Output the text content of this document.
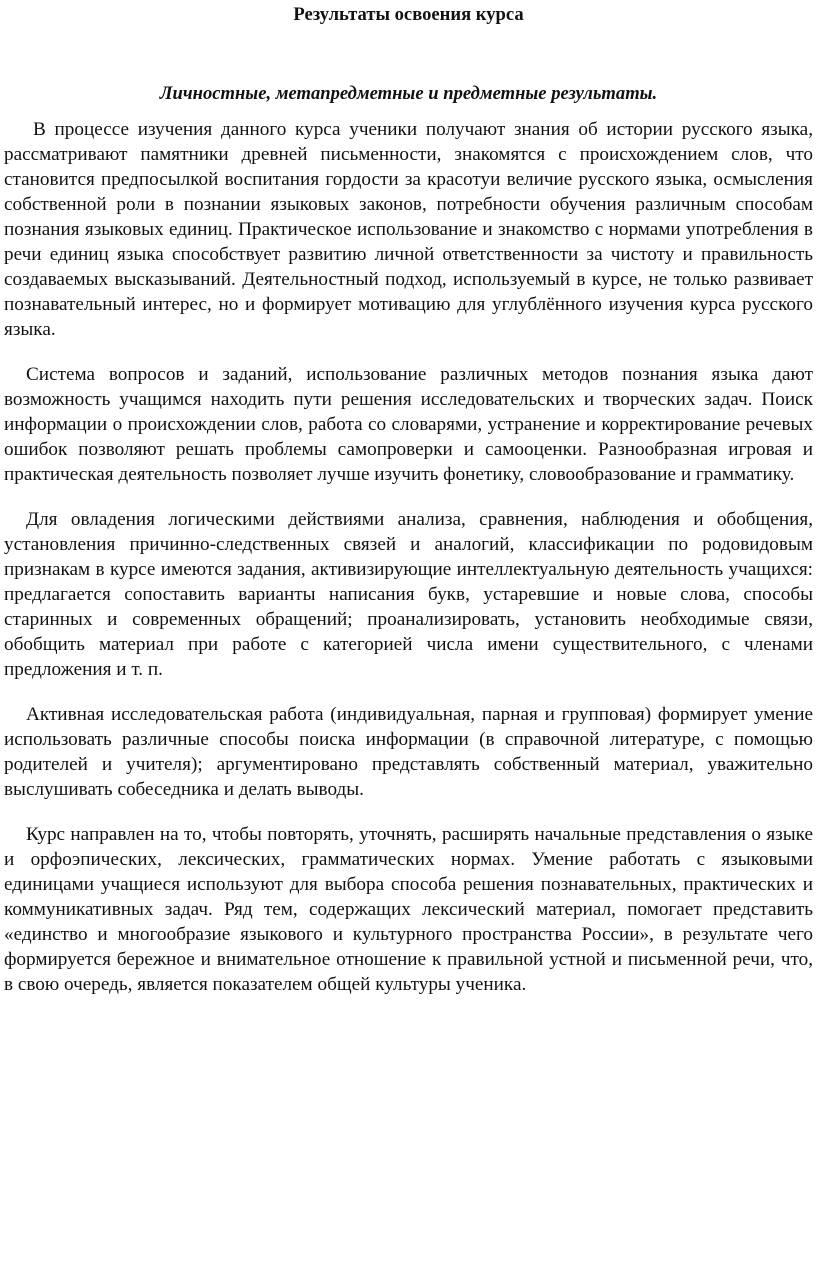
Результаты освоения курса
Личностные, метапредметные и предметные результаты.

В процессе изучения данного курса ученики получают знания об истории русского языка, рассматривают памятники древней письменности, знакомятся с происхождением слов, что становится предпосылкой воспитания гордости за красотуи величие русского языка, осмысления собственной роли в познании языковых законов, потребности обучения различным способам познания языковых единиц. Практическое использование и знакомство с нормами употребления в речи единиц языка способствует развитию личной ответственности за чистоту и правильность создаваемых высказываний. Деятельностный подход, используемый в курсе, не только развивает познавательный интерес, но и формирует мотивацию для углублённого изучения курса русского языка.

Система вопросов и заданий, использование различных методов познания языка дают возможность учащимся находить пути решения исследовательских и творческих задач. Поиск информации о происхождении слов, работа со словарями, устранение и корректирование речевых ошибок позволяют решать проблемы самопроверки и самооценки. Разнообразная игровая и практическая деятельность позволяет лучше изучить фонетику, словообразование и грамматику.

Для овладения логическими действиями анализа, сравнения, наблюдения и обобщения, установления причинно-следственных связей и аналогий, классификации по родовидовым признакам в курсе имеются задания, активизирующие интеллектуальную деятельность учащихся: предлагается сопоставить варианты написания букв, устаревшие и новые слова, способы старинных и современных обращений; проанализировать, установить необходимые связи, обобщить материал при работе с категорией числа имени существительного, с членами предложения и т. п.

Активная исследовательская работа (индивидуальная, парная и групповая) формирует умение использовать различные способы поиска информации (в справочной литературе, с помощью родителей и учителя); аргументировано представлять собственный материал, уважительно выслушивать собеседника и делать выводы.

Курс направлен на то, чтобы повторять, уточнять, расширять начальные представления о языке и орфоэпических, лексических, грамматических нормах. Умение работать с языковыми единицами учащиеся используют для выбора способа решения познавательных, практических и коммуникативных задач. Ряд тем, содержащих лексический материал, помогает представить «единство и многообразие языкового и культурного пространства России», в результате чего формируется бережное и внимательное отношение к правильной устной и письменной речи, что, в свою очередь, является показателем общей культуры ученика.
